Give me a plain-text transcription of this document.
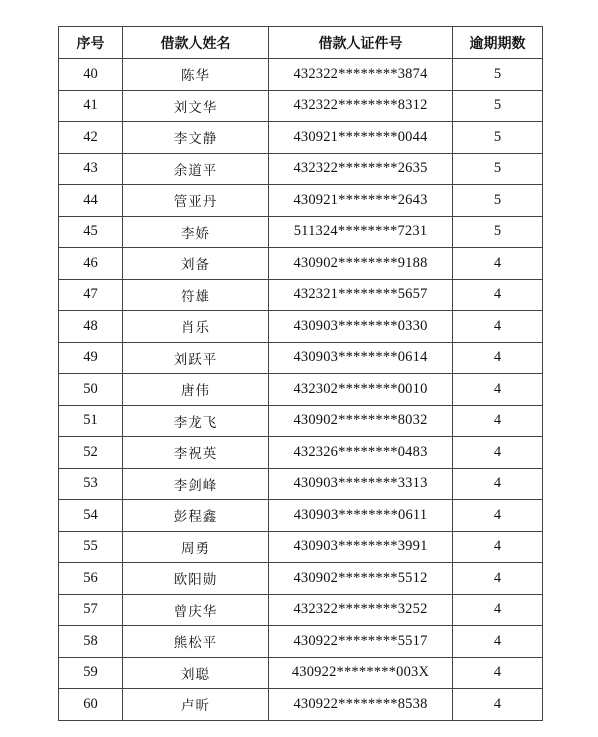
序号	借款人姓名	借款人证件号	逾期期数
40	陈华	432322********3874	5
41	刘文华	432322********8312	5
42	李文静	430921********0044	5
43	余道平	432322********2635	5
44	管亚丹	430921********2643	5
45	李娇	511324********7231	5
46	刘备	430902********9188	4
47	符雄	432321********5657	4
48	肖乐	430903********0330	4
49	刘跃平	430903********0614	4
50	唐伟	432302********0010	4
51	李龙飞	430902********8032	4
52	李祝英	432326********0483	4
53	李剑峰	430903********3313	4
54	彭程鑫	430903********0611	4
55	周勇	430903********3991	4
56	欧阳勋	430902********5512	4
57	曾庆华	432322********3252	4
58	熊松平	430922********5517	4
59	刘聪	430922********003X	4
60	卢昕	430922********8538	4
